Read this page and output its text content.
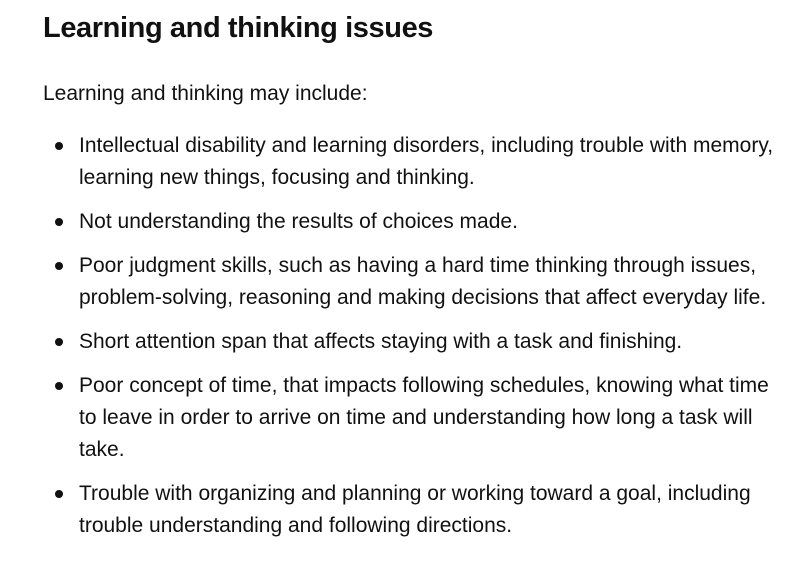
Learning and thinking issues

Learning and thinking may include:

Intellectual disability and learning disorders, including trouble with memory, learning new things, focusing and thinking.
Not understanding the results of choices made.
Poor judgment skills, such as having a hard time thinking through issues, problem-solving, reasoning and making decisions that affect everyday life.
Short attention span that affects staying with a task and finishing.
Poor concept of time, that impacts following schedules, knowing what time to leave in order to arrive on time and understanding how long a task will take.
Trouble with organizing and planning or working toward a goal, including trouble understanding and following directions.
